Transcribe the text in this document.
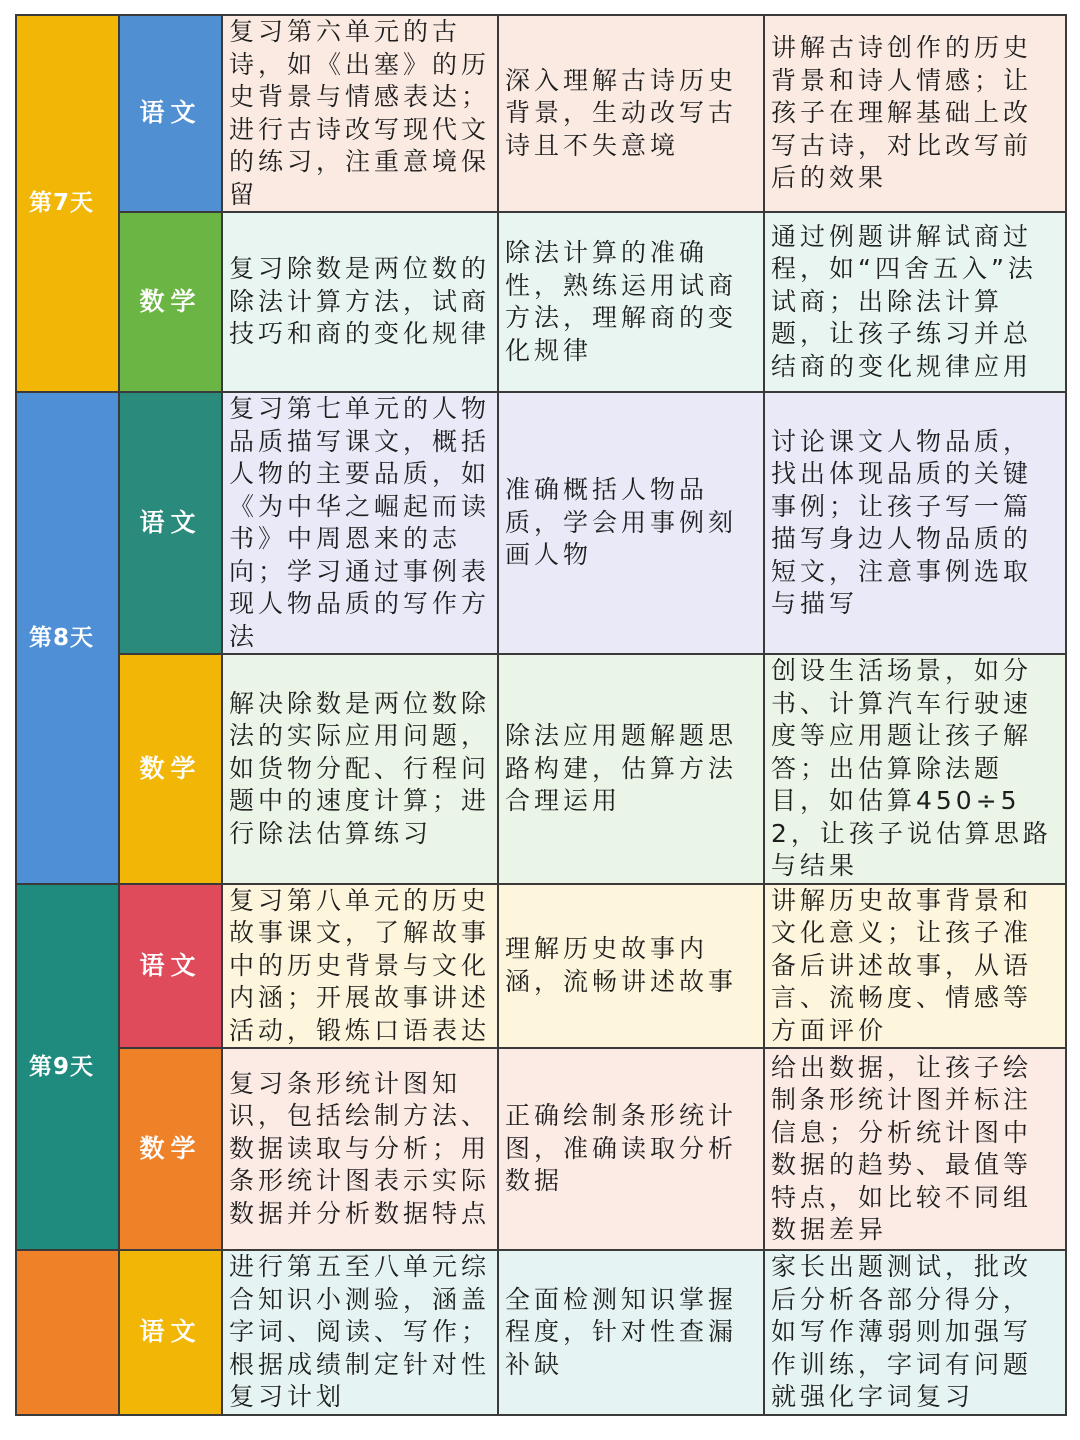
第7天	语文	复习第六单元的古诗，如《出塞》的历史背景与情感表达；进行古诗改写现代文的练习，注重意境保留	深入理解古诗历史背景，生动改写古诗且不失意境	讲解古诗创作的历史背景和诗人情感；让孩子在理解基础上改写古诗，对比改写前后的效果
	数学	复习除数是两位数的除法计算方法，试商技巧和商的变化规律	除法计算的准确性，熟练运用试商方法，理解商的变化规律	通过例题讲解试商过程，如“四舍五入”法试商；出除法计算题，让孩子练习并总结商的变化规律应用
第8天	语文	复习第七单元的人物品质描写课文，概括人物的主要品质，如《为中华之崛起而读书》中周恩来的志向；学习通过事例表现人物品质的写作方法	准确概括人物品质，学会用事例刻画人物	讨论课文人物品质，找出体现品质的关键事例；让孩子写一篇描写身边人物品质的短文，注意事例选取与描写
	数学	解决除数是两位数除法的实际应用问题，如货物分配、行程问题中的速度计算；进行除法估算练习	除法应用题解题思路构建，估算方法合理运用	创设生活场景，如分书、计算汽车行驶速度等应用题让孩子解答；出估算除法题目，如估算450÷52，让孩子说估算思路与结果
第9天	语文	复习第八单元的历史故事课文，了解故事中的历史背景与文化内涵；开展故事讲述活动，锻炼口语表达	理解历史故事内涵，流畅讲述故事	讲解历史故事背景和文化意义；让孩子准备后讲述故事，从语言、流畅度、情感等方面评价
	数学	复习条形统计图知识，包括绘制方法、数据读取与分析；用条形统计图表示实际数据并分析数据特点	正确绘制条形统计图，准确读取分析数据	给出数据，让孩子绘制条形统计图并标注信息；分析统计图中数据的趋势、最值等特点，如比较不同组数据差异
	语文	进行第五至八单元综合知识小测验，涵盖字词、阅读、写作；根据成绩制定针对性复习计划	全面检测知识掌握程度，针对性查漏补缺	家长出题测试，批改后分析各部分得分，如写作薄弱则加强写作训练，字词有问题就强化字词复习
